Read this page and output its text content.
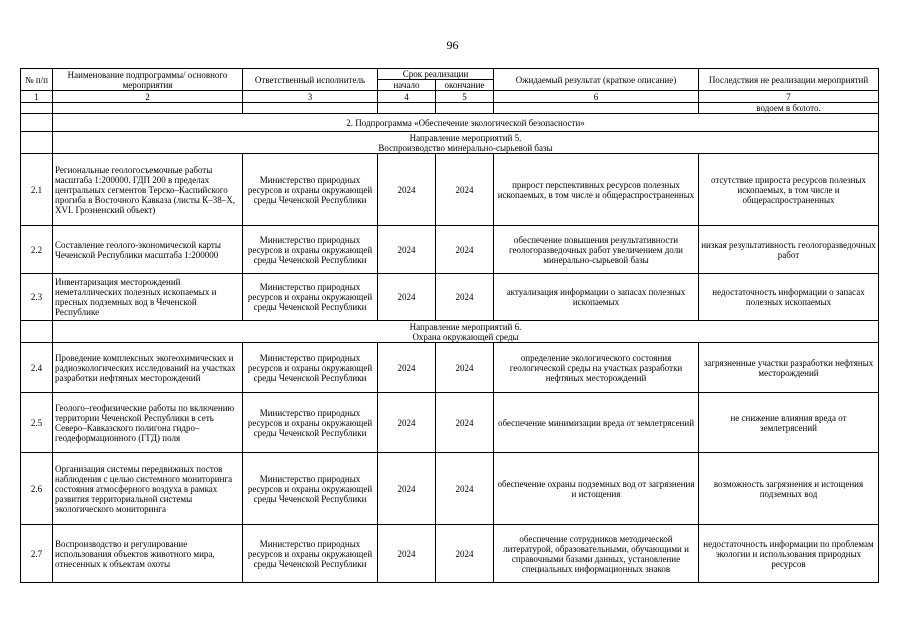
96
№ п/п	Наименование подпрограммы/ основного мероприятия	Ответственный исполнитель	Срок реализации		Ожидаемый результат (краткое описание)	Последствия не реализации мероприятий
			начало	окончание		
1	2	3	4	5	6	7
						водоем в болото.
	2. Подпрограмма «Обеспечение экологической безопасности»					

	Направление мероприятий 5.
Воспроизводство минерально-сырьевой базы					

2.1	Региональные геологосъемочные работы масштаба 1:200000. ГДП 200 в пределах центральных сегментов Терско–Каспийского прогиба в Восточного Кавказа (листы К–38–Х, XVI. Грозненский объект)	Министерство природных ресурсов и охраны окружающей среды Чеченской Республики	2024	2024	прирост перспективных ресурсов полезных ископаемых, в том числе и общераспространенных	отсутствие прироста ресурсов полезных ископаемых, в том числе и общераспространенных
2.2	Составление геолого-экономической карты Чеченской Республики масштаба 1:200000	Министерство природных ресурсов и охраны окружающей среды Чеченской Республики	2024	2024	обеспечение повышения результативности геологоразведочных работ увеличением доли минерально-сырьевой базы	низкая результативность геологоразведочных работ
2.3	Инвентаризация месторождений неметаллических полезных ископаемых и пресных подземных вод в Чеченской Республике	Министерство природных ресурсов и охраны окружающей среды Чеченской Республики	2024	2024	актуализация информации о запасах полезных ископаемых	недостаточность информации о запасах полезных ископаемых

	Направление мероприятий 6.
Охрана окружающей среды					

2.4	Проведение комплексных экогеохимических и радиоэкологических исследований на участках разработки нефтяных месторождений	Министерство природных ресурсов и охраны окружающей среды Чеченской Республики	2024	2024	определение экологического состояния геологической среды на участках разработки нефтяных месторождений	загрязненные участки разработки нефтяных месторождений
2.5	Геолого–геофизические работы по включению территории Чеченской Республики в сеть Северо–Кавказского полигона гидро–геодеформационного (ГГД) поля	Министерство природных ресурсов и охраны окружающей среды Чеченской Республики	2024	2024	обеспечение минимизации вреда от землетрясений	не снижение влияния вреда от землетрясений
2.6	Организация системы передвижных постов наблюдения с целью системного мониторинга состояния атмосферного воздуха в рамках развития территориальной системы экологического мониторинга	Министерство природных ресурсов и охраны окружающей среды Чеченской Республики	2024	2024	обеспечение охраны подземных вод от загрязнения и истощения	возможность загрязнения и истощения подземных вод
2.7	Воспроизводство и регулирование использования объектов животного мира, отнесенных к объектам охоты	Министерство природных ресурсов и охраны окружающей среды Чеченской Республики	2024	2024	обеспечение сотрудников методической литературой, образовательными, обучающими и справочными базами данных, установление специальных информационных знаков	недостаточность информации по проблемам экологии и использования природных ресурсов
